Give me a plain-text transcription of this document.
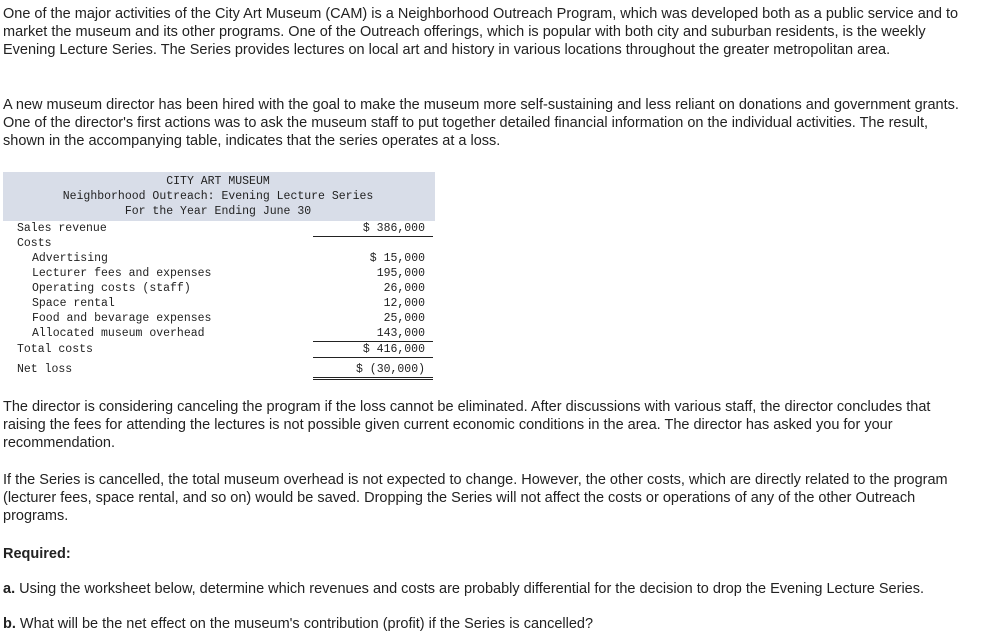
One of the major activities of the City Art Museum (CAM) is a Neighborhood Outreach Program, which was developed both as a public service and to market the museum and its other programs. One of the Outreach offerings, which is popular with both city and suburban residents, is the weekly Evening Lecture Series. The Series provides lectures on local art and history in various locations throughout the greater metropolitan area.

A new museum director has been hired with the goal to make the museum more self-sustaining and less reliant on donations and government grants. One of the director's first actions was to ask the museum staff to put together detailed financial information on the individual activities. The result, shown in the accompanying table, indicates that the series operates at a loss.

CITY ART MUSEUM
Neighborhood Outreach: Evening Lecture Series
For the Year Ending June 30
Sales revenue	$ 386,000
Costs
Advertising	$ 15,000
Lecturer fees and expenses	195,000
Operating costs (staff)	26,000
Space rental	12,000
Food and bevarage expenses	25,000
Allocated museum overhead	143,000
Total costs	$ 416,000
Net loss	$ (30,000)

The director is considering canceling the program if the loss cannot be eliminated. After discussions with various staff, the director concludes that raising the fees for attending the lectures is not possible given current economic conditions in the area. The director has asked you for your recommendation.

If the Series is cancelled, the total museum overhead is not expected to change. However, the other costs, which are directly related to the program (lecturer fees, space rental, and so on) would be saved. Dropping the Series will not affect the costs or operations of any of the other Outreach programs.

Required:
a. Using the worksheet below, determine which revenues and costs are probably differential for the decision to drop the Evening Lecture Series.
b. What will be the net effect on the museum's contribution (profit) if the Series is cancelled?
